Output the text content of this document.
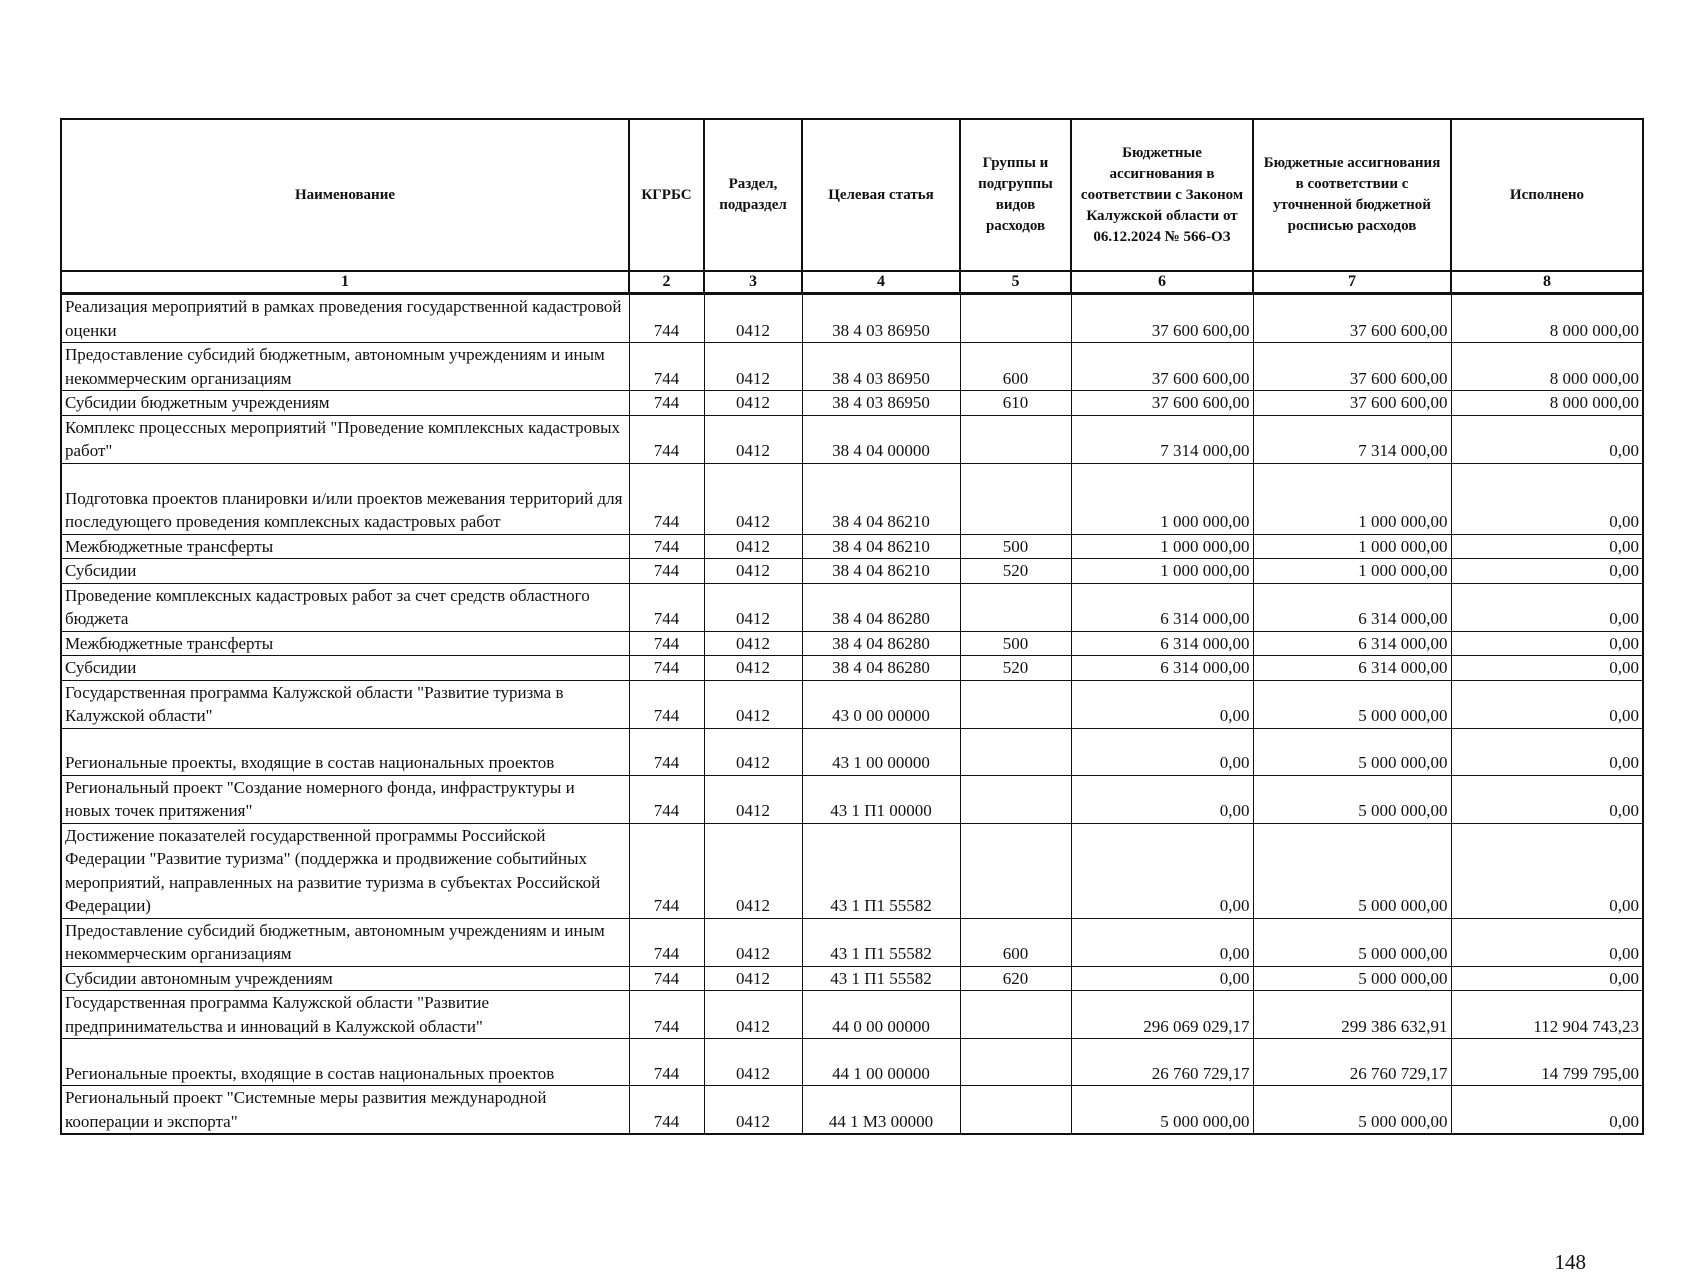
Наименование	КГРБС	Раздел, подраздел	Целевая статья	Группы и подгруппы видов расходов	Бюджетные ассигнования в соответствии с Законом Калужской области от 06.12.2024 № 566-ОЗ	Бюджетные ассигнования в соответствии с уточненной бюджетной росписью расходов	Исполнено
1	2	3	4	5	6	7	8
Реализация мероприятий в рамках проведения государственной кадастровой оценки	744	0412	38 4 03 86950		37 600 600,00	37 600 600,00	8 000 000,00
Предоставление субсидий бюджетным, автономным учреждениям и иным некоммерческим организациям	744	0412	38 4 03 86950	600	37 600 600,00	37 600 600,00	8 000 000,00
Субсидии бюджетным учреждениям	744	0412	38 4 03 86950	610	37 600 600,00	37 600 600,00	8 000 000,00
Комплекс процессных мероприятий "Проведение комплексных кадастровых работ"	744	0412	38 4 04 00000		7 314 000,00	7 314 000,00	0,00
Подготовка проектов планировки и/или проектов межевания территорий для последующего проведения комплексных кадастровых работ	744	0412	38 4 04 86210		1 000 000,00	1 000 000,00	0,00
Межбюджетные трансферты	744	0412	38 4 04 86210	500	1 000 000,00	1 000 000,00	0,00
Субсидии	744	0412	38 4 04 86210	520	1 000 000,00	1 000 000,00	0,00
Проведение комплексных кадастровых работ за счет средств областного бюджета	744	0412	38 4 04 86280		6 314 000,00	6 314 000,00	0,00
Межбюджетные трансферты	744	0412	38 4 04 86280	500	6 314 000,00	6 314 000,00	0,00
Субсидии	744	0412	38 4 04 86280	520	6 314 000,00	6 314 000,00	0,00
Государственная программа Калужской области "Развитие туризма в Калужской области"	744	0412	43 0 00 00000		0,00	5 000 000,00	0,00
Региональные проекты, входящие в состав национальных проектов	744	0412	43 1 00 00000		0,00	5 000 000,00	0,00
Региональный проект "Создание номерного фонда, инфраструктуры и новых точек притяжения"	744	0412	43 1 П1 00000		0,00	5 000 000,00	0,00
Достижение показателей государственной программы Российской Федерации "Развитие туризма" (поддержка и продвижение событийных мероприятий, направленных на развитие туризма в субъектах Российской Федерации)	744	0412	43 1 П1 55582		0,00	5 000 000,00	0,00
Предоставление субсидий бюджетным, автономным учреждениям и иным некоммерческим организациям	744	0412	43 1 П1 55582	600	0,00	5 000 000,00	0,00
Субсидии автономным учреждениям	744	0412	43 1 П1 55582	620	0,00	5 000 000,00	0,00
Государственная программа Калужской области "Развитие предпринимательства и инноваций в Калужской области"	744	0412	44 0 00 00000		296 069 029,17	299 386 632,91	112 904 743,23
Региональные проекты, входящие в состав национальных проектов	744	0412	44 1 00 00000		26 760 729,17	26 760 729,17	14 799 795,00
Региональный проект "Системные меры развития международной кооперации и экспорта"	744	0412	44 1 M3 00000		5 000 000,00	5 000 000,00	0,00
148
